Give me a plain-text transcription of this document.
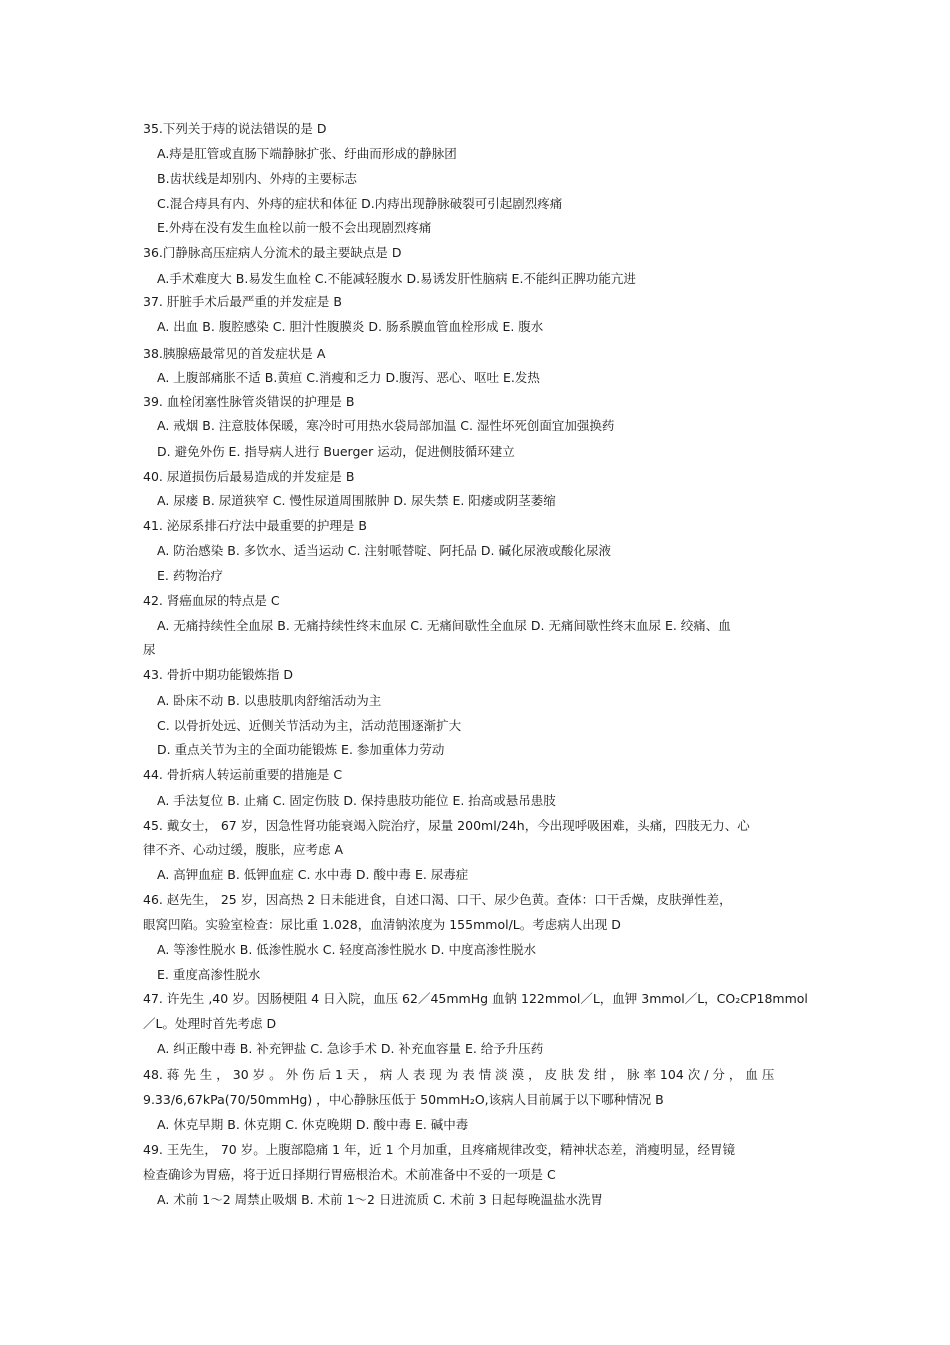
35.下列关于痔的说法错误的是 D
A.痔是肛管或直肠下端静脉扩张、纡曲而形成的静脉团
B.齿状线是却别内、外痔的主要标志
C.混合痔具有内、外痔的症状和体征 D.内痔出现静脉破裂可引起剧烈疼痛
E.外痔在没有发生血栓以前一般不会出现剧烈疼痛
36.门静脉高压症病人分流术的最主要缺点是 D
A.手术难度大 B.易发生血栓 C.不能减轻腹水 D.易诱发肝性脑病 E.不能纠正脾功能亢进
37. 肝脏手术后最严重的并发症是 B
A. 出血 B. 腹腔感染 C. 胆汁性腹膜炎 D. 肠系膜血管血栓形成 E. 腹水
38.胰腺癌最常见的首发症状是 A
A. 上腹部痛胀不适 B.黄疸 C.消瘦和乏力 D.腹泻、恶心、呕吐 E.发热
39. 血栓闭塞性脉管炎错误的护理是 B
A. 戒烟 B. 注意肢体保暖，寒冷时可用热水袋局部加温 C. 湿性坏死创面宜加强换药
D. 避免外伤 E. 指导病人进行 Buerger 运动，促进侧肢循环建立
40. 尿道损伤后最易造成的并发症是 B
A. 尿瘘 B. 尿道狭窄 C. 慢性尿道周围脓肿 D. 尿失禁 E. 阳痿或阴茎萎缩
41. 泌尿系排石疗法中最重要的护理是 B
A. 防治感染 B. 多饮水、适当运动 C. 注射哌替啶、阿托品 D. 碱化尿液或酸化尿液
E. 药物治疗
42. 肾癌血尿的特点是 C
A. 无痛持续性全血尿 B. 无痛持续性终末血尿 C. 无痛间歇性全血尿 D. 无痛间歇性终末血尿 E. 绞痛、血
尿
43. 骨折中期功能锻炼指 D
A. 卧床不动 B. 以患肢肌肉舒缩活动为主
C. 以骨折处远、近侧关节活动为主，活动范围逐渐扩大
D. 重点关节为主的全面功能锻炼 E. 参加重体力劳动
44. 骨折病人转运前重要的措施是 C
A. 手法复位 B. 止痛 C. 固定伤肢 D. 保持患肢功能位 E. 抬高或悬吊患肢
45. 戴女士， 67 岁，因急性肾功能衰竭入院治疗，尿量 200ml/24h，今出现呼吸困难，头痛，四肢无力、心
律不齐、心动过缓，腹胀，应考虑 A
A. 高钾血症 B. 低钾血症 C. 水中毒 D. 酸中毒 E. 尿毒症
46. 赵先生， 25 岁，因高热 2 日未能进食，自述口渴、口干、尿少色黄。查体：口干舌燥，皮肤弹性差，
眼窝凹陷。实验室检查：尿比重 1.028，血清钠浓度为 155mmol/L。考虑病人出现 D
A. 等渗性脱水 B. 低渗性脱水 C. 轻度高渗性脱水 D. 中度高渗性脱水
E. 重度高渗性脱水
47. 许先生 ,40 岁。因肠梗阻 4 日入院，血压 62／45mmHg 血钠 122mmol／L，血钾 3mmol／L，CO₂CP18mmol
／L。处理时首先考虑 D
A. 纠正酸中毒 B. 补充钾盐 C. 急诊手术 D. 补充血容量 E. 给予升压药
48. 蒋 先 生 ， 30 岁 。 外 伤 后 1 天 ， 病 人 表 现 为 表 情 淡 漠 ， 皮 肤 发 绀 ， 脉 率 104 次 / 分 ， 血 压
9.33/6,67kPa(70/50mmHg) ，中心静脉压低于 50mmH₂O,该病人目前属于以下哪种情况 B
A. 休克早期 B. 休克期 C. 休克晚期 D. 酸中毒 E. 碱中毒
49. 王先生， 70 岁。上腹部隐痛 1 年，近 1 个月加重，且疼痛规律改变，精神状态差，消瘦明显，经胃镜
检查确诊为胃癌，将于近日择期行胃癌根治术。术前准备中不妥的一项是 C
A. 术前 1～2 周禁止吸烟 B. 术前 1～2 日进流质 C. 术前 3 日起每晚温盐水洗胃
